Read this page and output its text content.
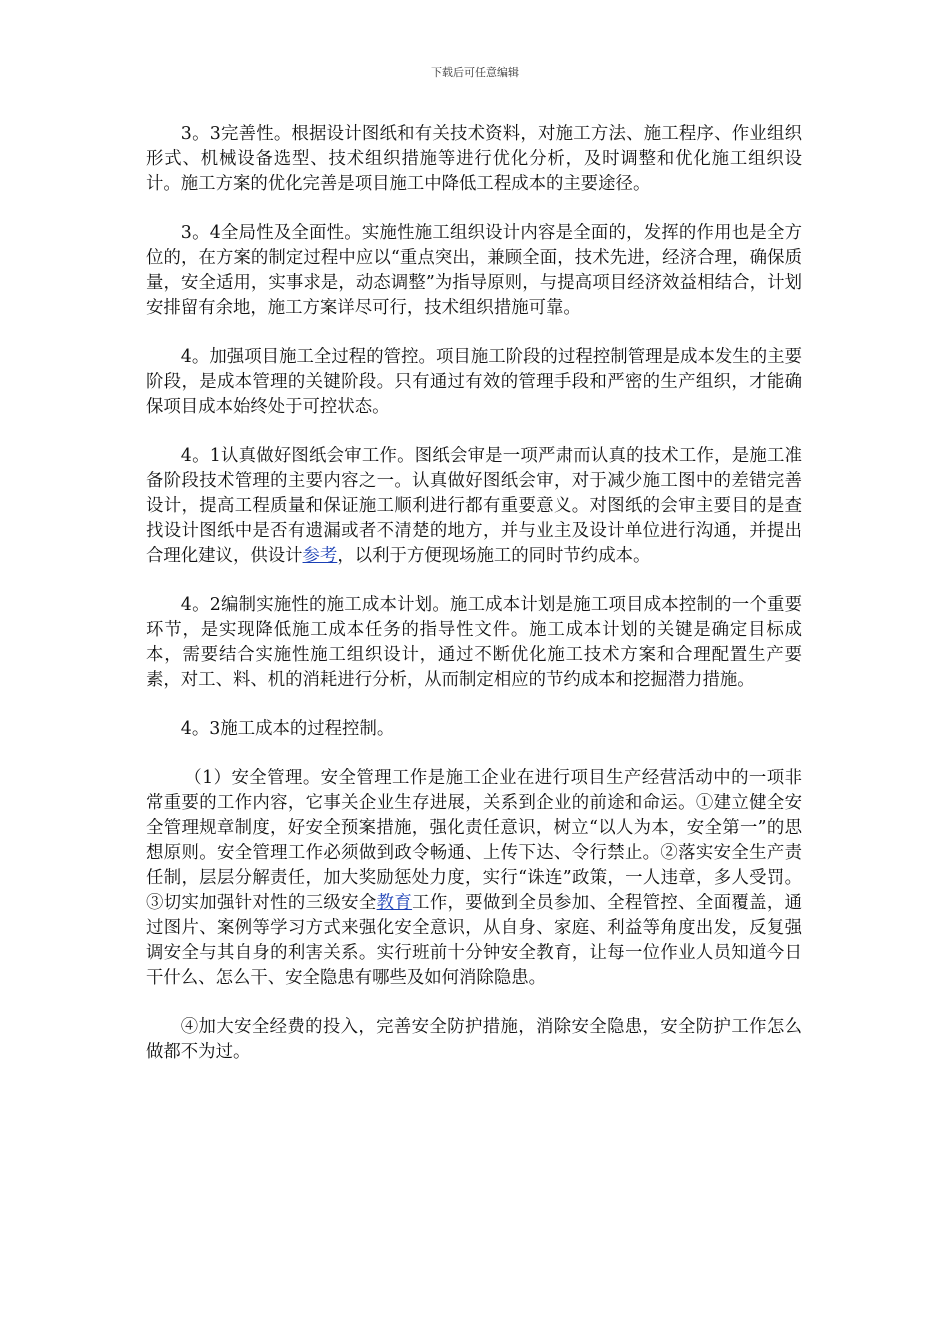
下载后可任意编辑

3。3完善性。根据设计图纸和有关技术资料，对施工方法、施工程序、作业组织形式、机械设备选型、技术组织措施等进行优化分析，及时调整和优化施工组织设计。施工方案的优化完善是项目施工中降低工程成本的主要途径。

3。4全局性及全面性。实施性施工组织设计内容是全面的，发挥的作用也是全方位的，在方案的制定过程中应以“重点突出，兼顾全面，技术先进，经济合理，确保质量，安全适用，实事求是，动态调整”为指导原则，与提高项目经济效益相结合，计划安排留有余地，施工方案详尽可行，技术组织措施可靠。

4。加强项目施工全过程的管控。项目施工阶段的过程控制管理是成本发生的主要阶段，是成本管理的关键阶段。只有通过有效的管理手段和严密的生产组织，才能确保项目成本始终处于可控状态。

4。1认真做好图纸会审工作。图纸会审是一项严肃而认真的技术工作，是施工准备阶段技术管理的主要内容之一。认真做好图纸会审，对于减少施工图中的差错完善设计，提高工程质量和保证施工顺利进行都有重要意义。对图纸的会审主要目的是查找设计图纸中是否有遗漏或者不清楚的地方，并与业主及设计单位进行沟通，并提出合理化建议，供设计参考，以利于方便现场施工的同时节约成本。

4。2编制实施性的施工成本计划。施工成本计划是施工项目成本控制的一个重要环节，是实现降低施工成本任务的指导性文件。施工成本计划的关键是确定目标成本，需要结合实施性施工组织设计，通过不断优化施工技术方案和合理配置生产要素，对工、料、机的消耗进行分析，从而制定相应的节约成本和挖掘潜力措施。

4。3施工成本的过程控制。

（1）安全管理。安全管理工作是施工企业在进行项目生产经营活动中的一项非常重要的工作内容，它事关企业生存进展，关系到企业的前途和命运。①建立健全安全管理规章制度，好安全预案措施，强化责任意识，树立“以人为本，安全第一”的思想原则。安全管理工作必须做到政令畅通、上传下达、令行禁止。②落实安全生产责任制，层层分解责任，加大奖励惩处力度，实行“诛连”政策，一人违章，多人受罚。③切实加强针对性的三级安全教育工作，要做到全员参加、全程管控、全面覆盖，通过图片、案例等学习方式来强化安全意识，从自身、家庭、利益等角度出发，反复强调安全与其自身的利害关系。实行班前十分钟安全教育，让每一位作业人员知道今日干什么、怎么干、安全隐患有哪些及如何消除隐患。

④加大安全经费的投入，完善安全防护措施，消除安全隐患，安全防护工作怎么做都不为过。
